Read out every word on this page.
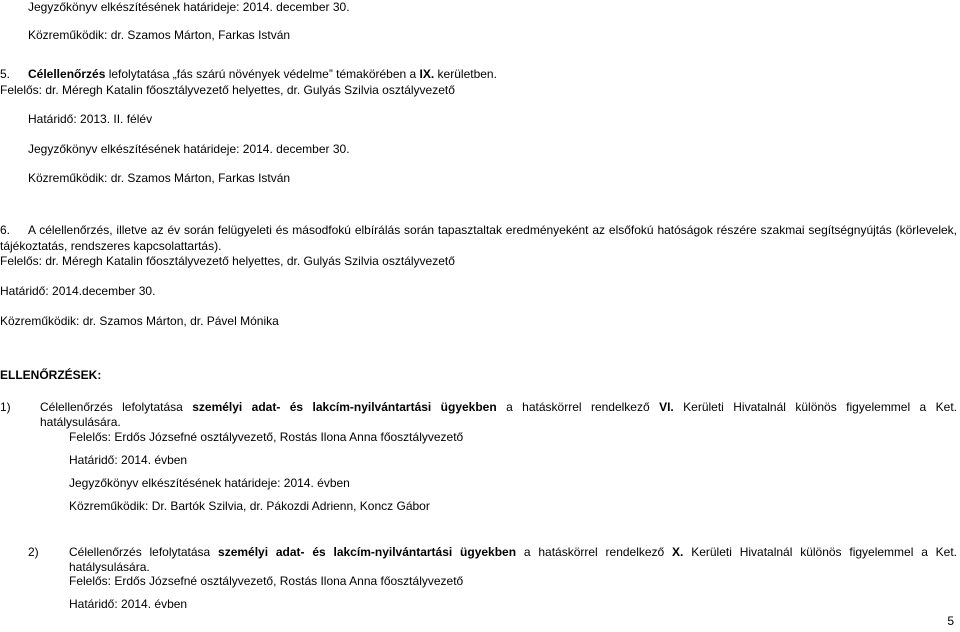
Jegyzőkönyv elkészítésének határideje: 2014. december 30.
Közreműködik: dr. Szamos Márton, Farkas István
5. Célellenőrzés lefolytatása „fás szárú növények védelme” témakörében a IX. kerületben.
Felelős: dr. Méregh Katalin főosztályvezető helyettes, dr. Gulyás Szilvia osztályvezető
Határidő: 2013. II. félév
Jegyzőkönyv elkészítésének határideje: 2014. december 30.
Közreműködik: dr. Szamos Márton, Farkas István
6. A célellenőrzés, illetve az év során felügyeleti és másodfokú elbírálás során tapasztaltak eredményeként az elsőfokú hatóságok részére szakmai segítségnyújtás (körlevelek,
tájékoztatás, rendszeres kapcsolattartás).
Felelős: dr. Méregh Katalin főosztályvezető helyettes, dr. Gulyás Szilvia osztályvezető
Határidő: 2014.december 30.
Közreműködik: dr. Szamos Márton, dr. Pável Mónika
ELLENŐRZÉSEK:
1) Célellenőrzés lefolytatása személyi adat- és lakcím-nyilvántartási ügyekben a hatáskörrel rendelkező VI. Kerületi Hivatalnál különös figyelemmel a Ket.
hatálysulására.
Felelős: Erdős Józsefné osztályvezető, Rostás Ilona Anna főosztályvezető
Határidő: 2014. évben
Jegyzőkönyv elkészítésének határideje: 2014. évben
Közreműködik: Dr. Bartók Szilvia, dr. Pákozdi Adrienn, Koncz Gábor
2)	Célellenőrzés lefolytatása személyi adat- és lakcím-nyilvántartási ügyekben a hatáskörrel rendelkező X. Kerületi Hivatalnál különös figyelemmel a Ket.
hatálysulására.
Felelős: Erdős Józsefné osztályvezető, Rostás Ilona Anna főosztályvezető
Határidő: 2014. évben
5
